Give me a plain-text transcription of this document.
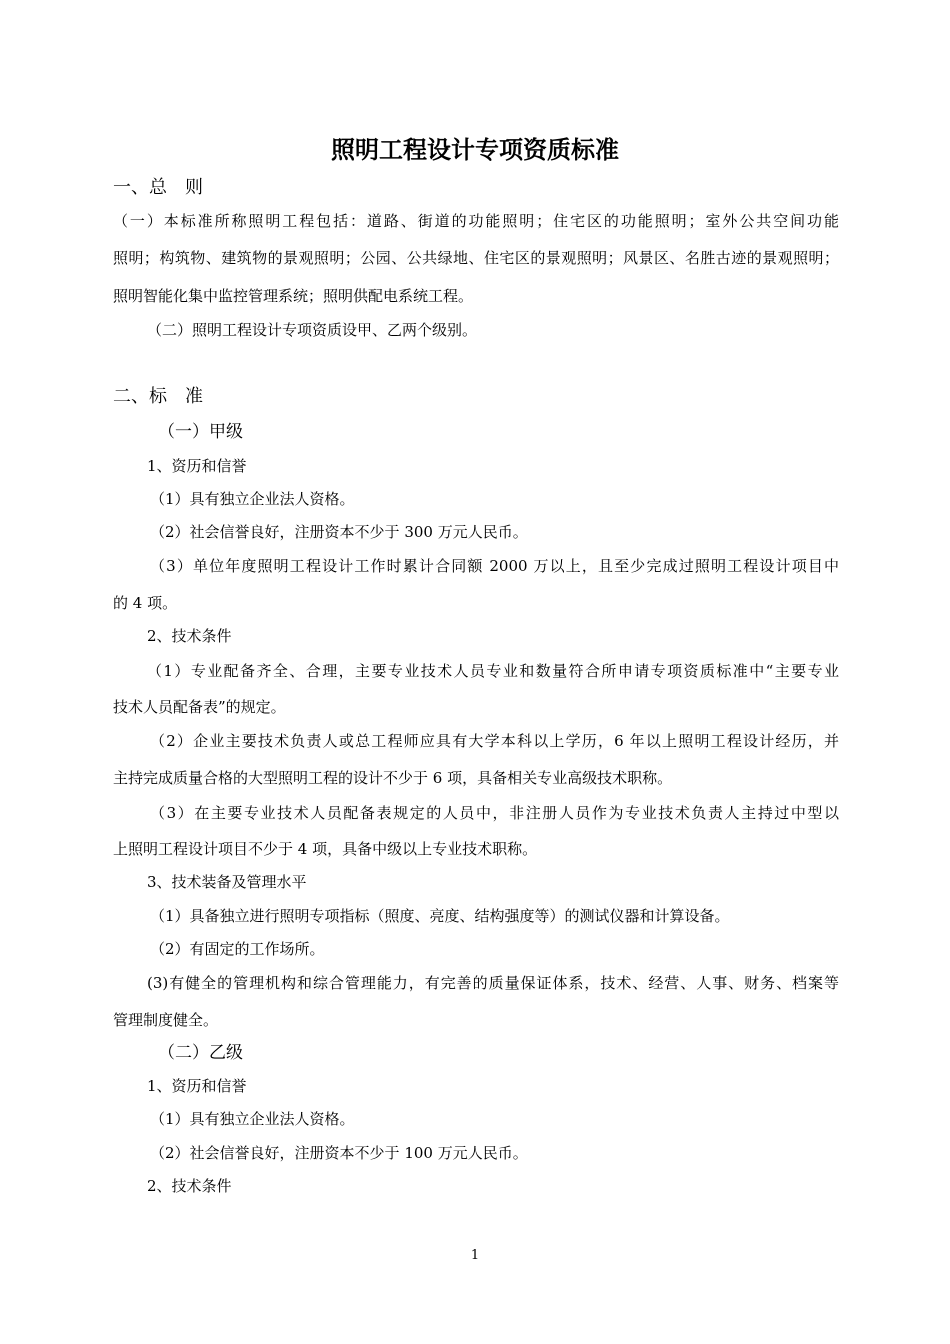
照明工程设计专项资质标准
一、总　则
（一）本标准所称照明工程包括：道路、街道的功能照明；住宅区的功能照明；室外公共空间功能
照明；构筑物、建筑物的景观照明；公园、公共绿地、住宅区的景观照明；风景区、名胜古迹的景观照明；
照明智能化集中监控管理系统；照明供配电系统工程。
（二）照明工程设计专项资质设甲、乙两个级别。
二、标　准
（一）甲级
1、资历和信誉
（1）具有独立企业法人资格。
（2）社会信誉良好，注册资本不少于 300 万元人民币。
（3）单位年度照明工程设计工作时累计合同额 2000 万以上，且至少完成过照明工程设计项目中
的 4 项。
2、技术条件
（1）专业配备齐全、合理，主要专业技术人员专业和数量符合所申请专项资质标准中“主要专业
技术人员配备表”的规定。
（2）企业主要技术负责人或总工程师应具有大学本科以上学历，6 年以上照明工程设计经历，并
主持完成质量合格的大型照明工程的设计不少于 6 项，具备相关专业高级技术职称。
（3）在主要专业技术人员配备表规定的人员中，非注册人员作为专业技术负责人主持过中型以
上照明工程设计项目不少于 4 项，具备中级以上专业技术职称。
3、技术装备及管理水平
（1）具备独立进行照明专项指标（照度、亮度、结构强度等）的测试仪器和计算设备。
（2）有固定的工作场所。
(3)有健全的管理机构和综合管理能力，有完善的质量保证体系，技术、经营、人事、财务、档案等
管理制度健全。
（二）乙级
1、资历和信誉
（1）具有独立企业法人资格。
（2）社会信誉良好，注册资本不少于 100 万元人民币。
2、技术条件
1
